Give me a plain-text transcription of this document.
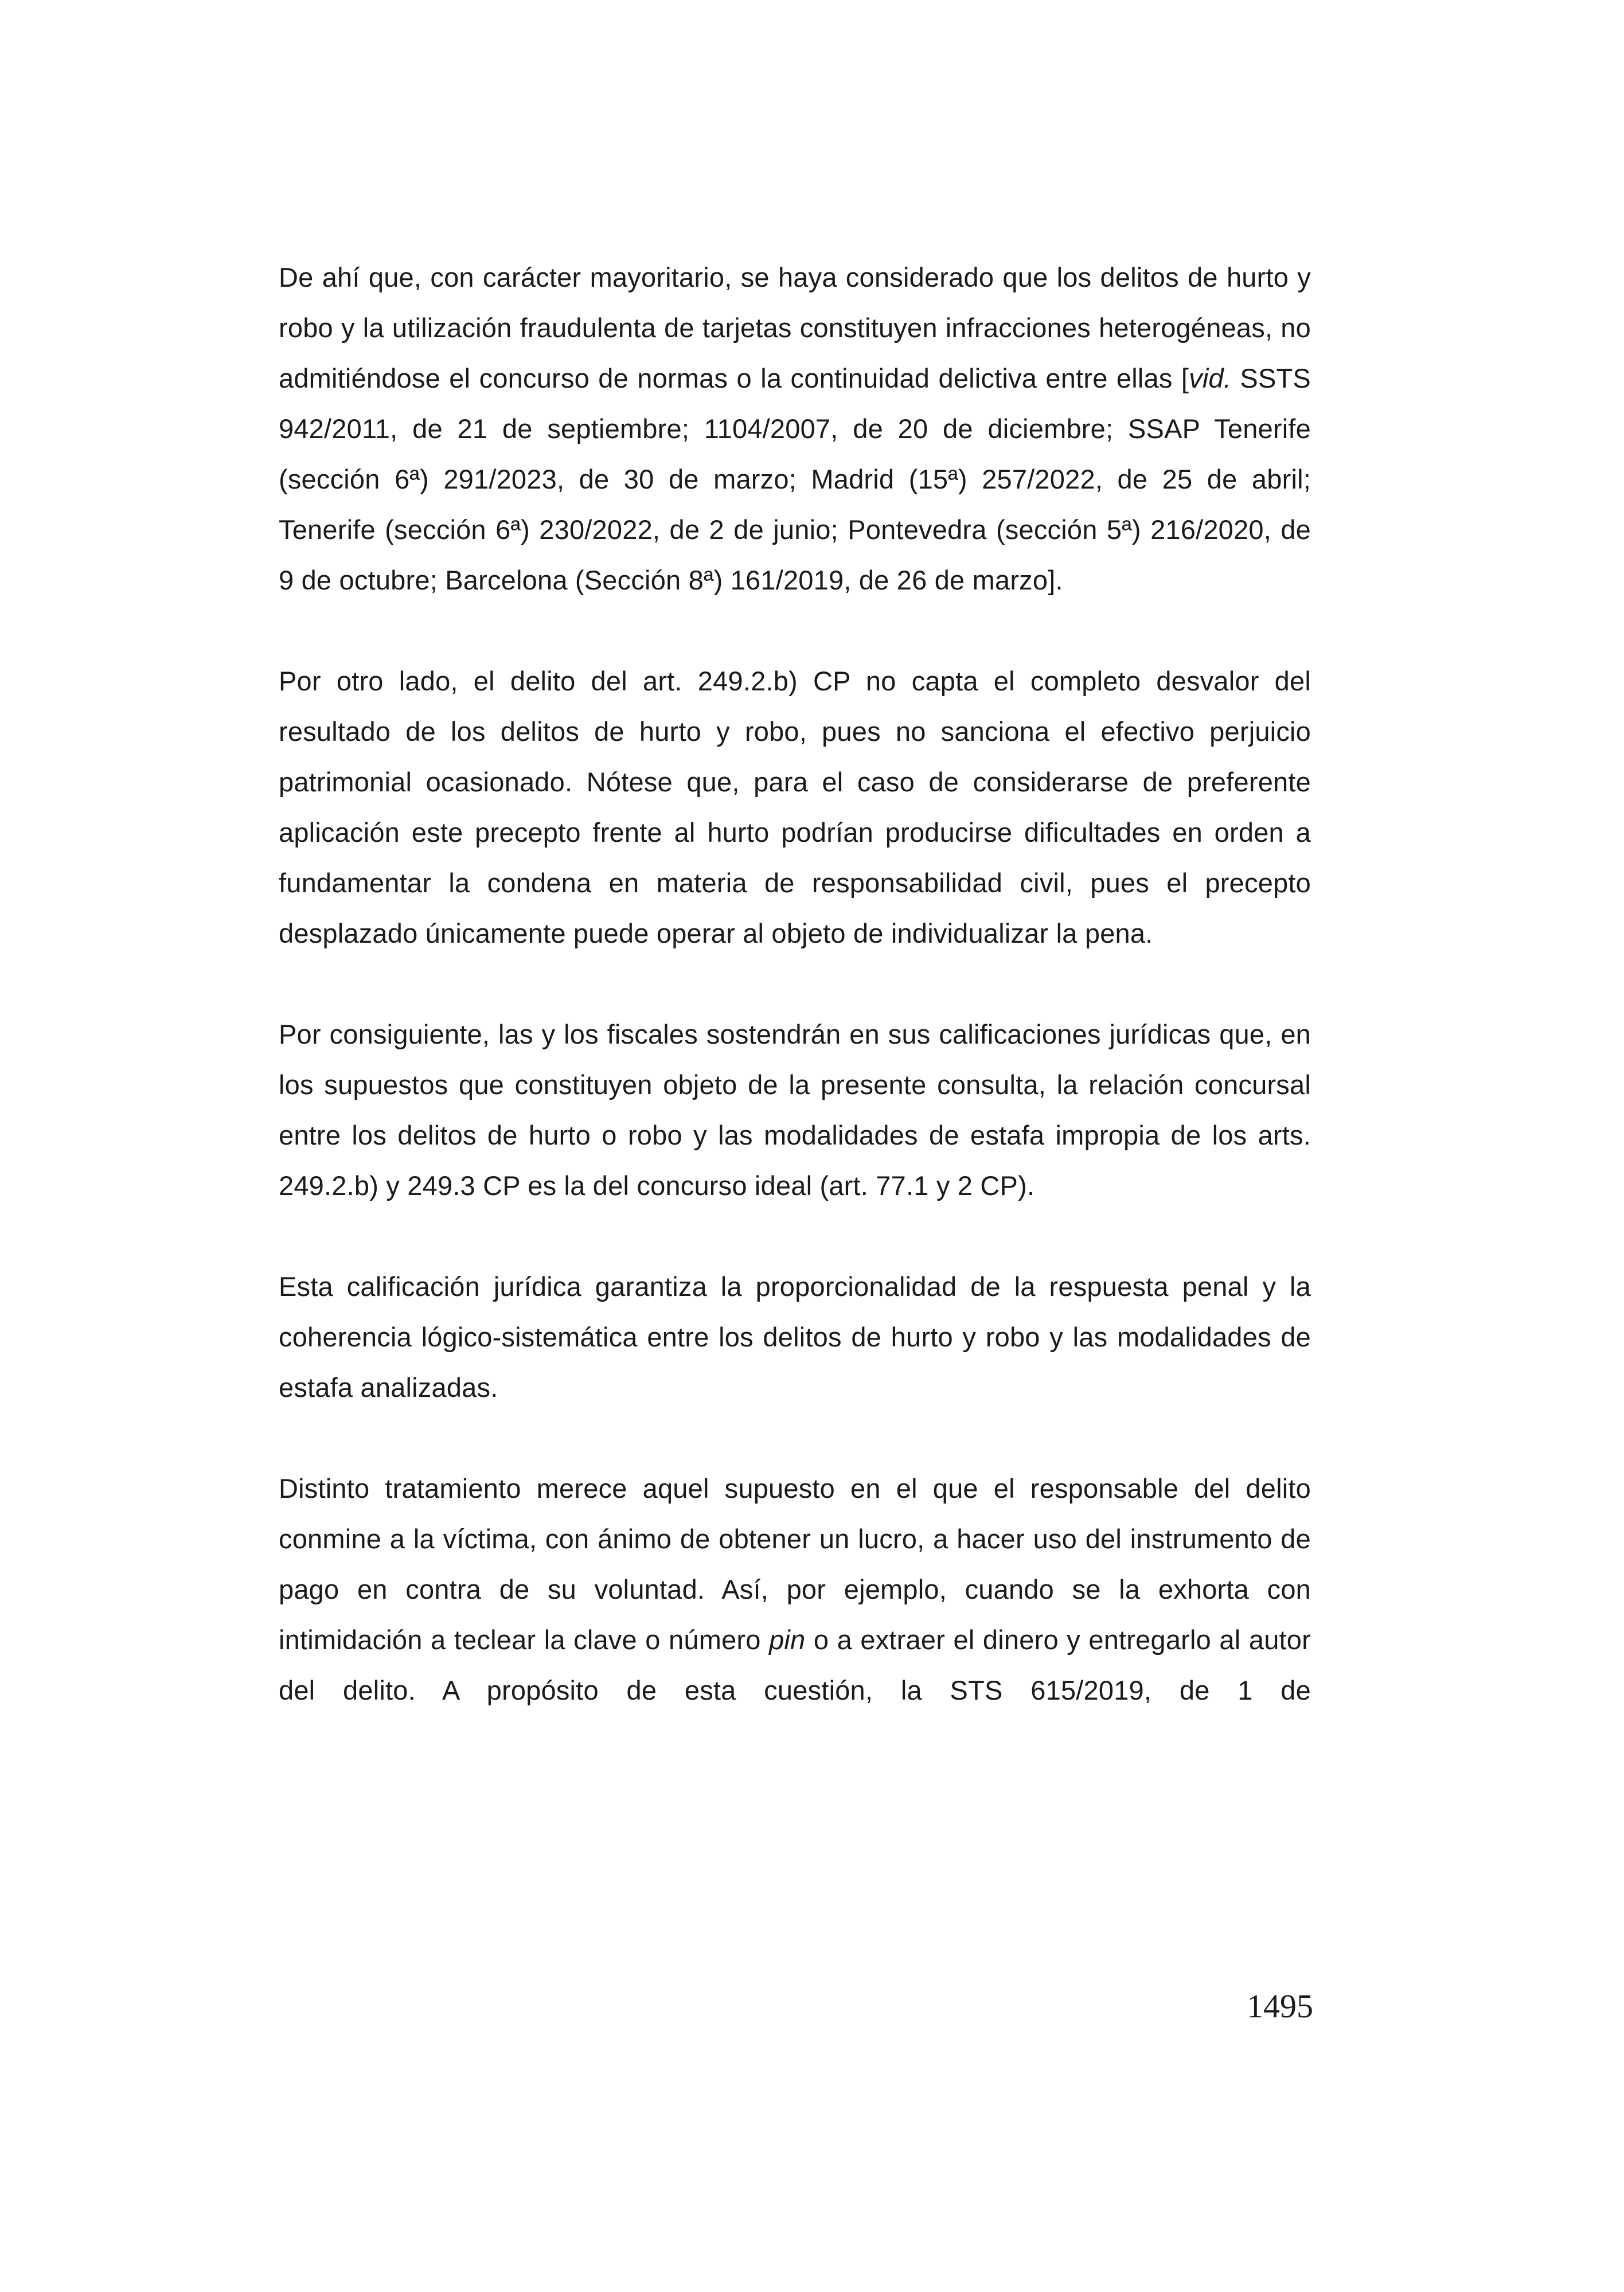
De ahí que, con carácter mayoritario, se haya considerado que los delitos de hurto y robo y la utilización fraudulenta de tarjetas constituyen infracciones heterogéneas, no admitiéndose el concurso de normas o la continuidad delictiva entre ellas [vid. SSTS 942/2011, de 21 de septiembre; 1104/2007, de 20 de diciembre; SSAP Tenerife (sección 6ª) 291/2023, de 30 de marzo; Madrid (15ª) 257/2022, de 25 de abril; Tenerife (sección 6ª) 230/2022, de 2 de junio; Pontevedra (sección 5ª) 216/2020, de 9 de octubre; Barcelona (Sección 8ª) 161/2019, de 26 de marzo].

Por otro lado, el delito del art. 249.2.b) CP no capta el completo desvalor del resultado de los delitos de hurto y robo, pues no sanciona el efectivo perjuicio patrimonial ocasionado. Nótese que, para el caso de considerarse de preferente aplicación este precepto frente al hurto podrían producirse dificultades en orden a fundamentar la condena en materia de responsabilidad civil, pues el precepto desplazado únicamente puede operar al objeto de individualizar la pena.

Por consiguiente, las y los fiscales sostendrán en sus calificaciones jurídicas que, en los supuestos que constituyen objeto de la presente consulta, la relación concursal entre los delitos de hurto o robo y las modalidades de estafa impropia de los arts. 249.2.b) y 249.3 CP es la del concurso ideal (art. 77.1 y 2 CP).

Esta calificación jurídica garantiza la proporcionalidad de la respuesta penal y la coherencia lógico-sistemática entre los delitos de hurto y robo y las modalidades de estafa analizadas.

Distinto tratamiento merece aquel supuesto en el que el responsable del delito conmine a la víctima, con ánimo de obtener un lucro, a hacer uso del instrumento de pago en contra de su voluntad. Así, por ejemplo, cuando se la exhorta con intimidación a teclear la clave o número pin o a extraer el dinero y entregarlo al autor del delito. A propósito de esta cuestión, la STS 615/2019, de 1 de

1495
